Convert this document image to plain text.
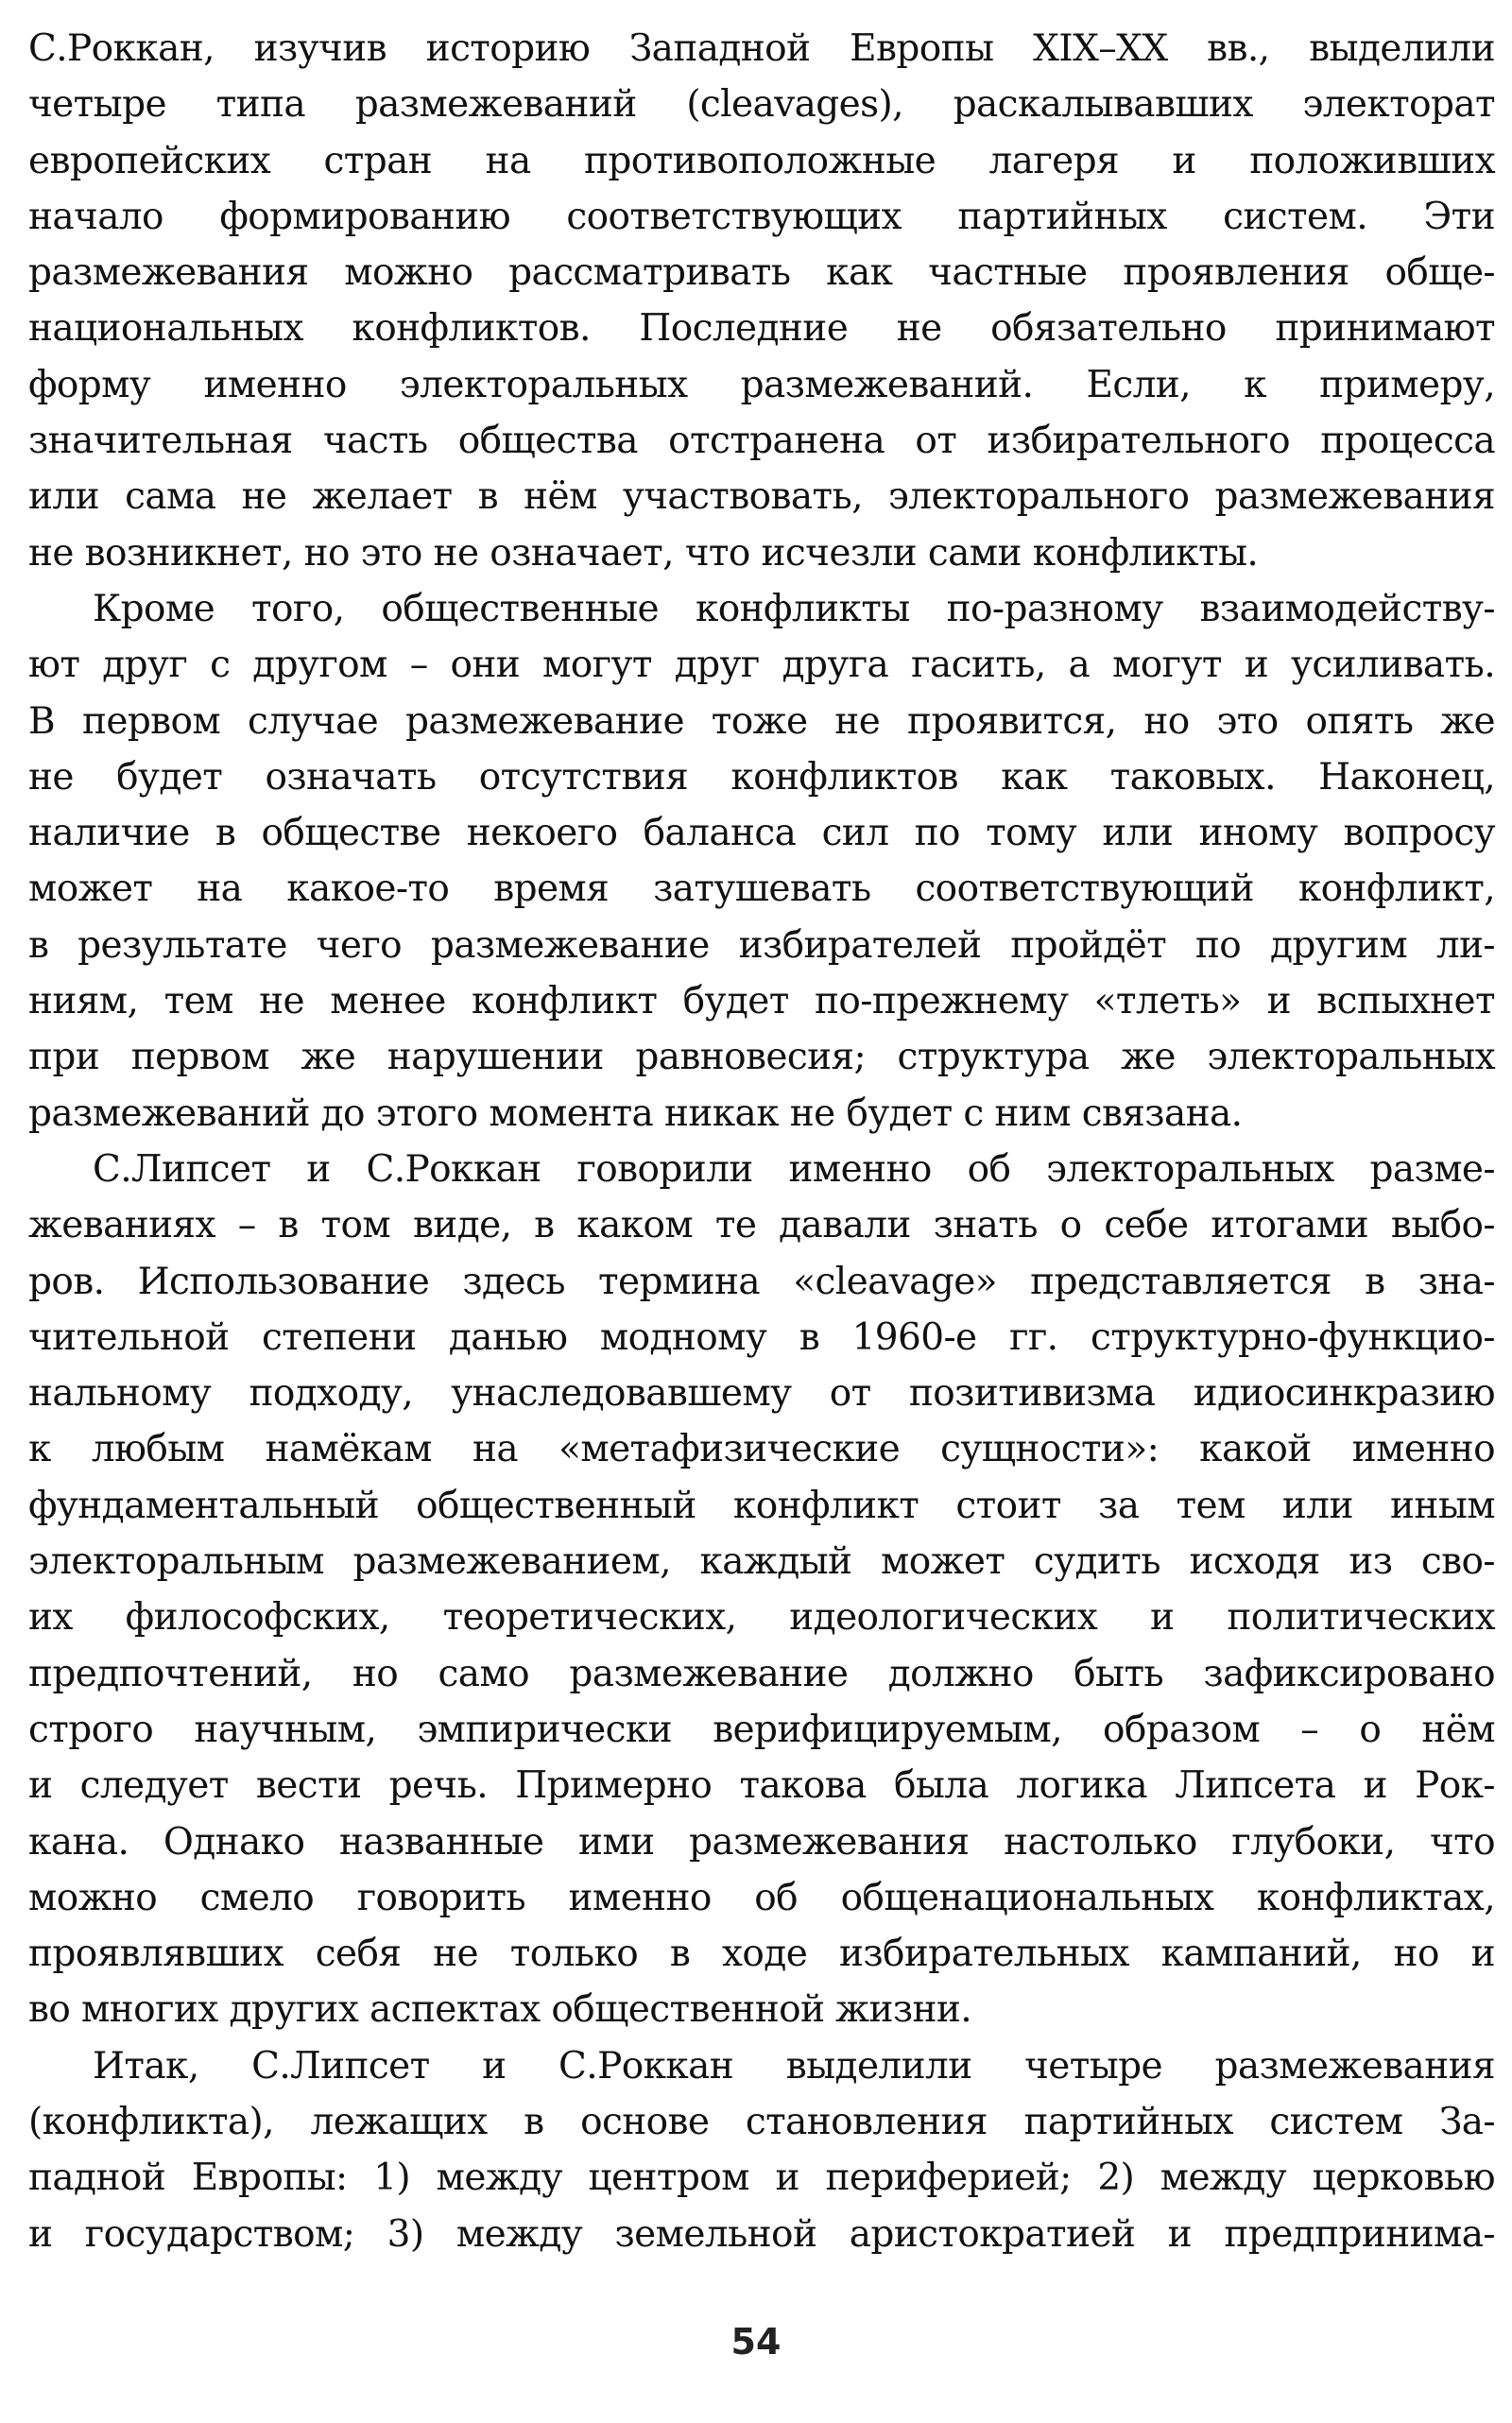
С.Роккан, изучив историю Западной Европы XIX–XX вв., выделили
четыре типа размежеваний (cleavages), раскалывавших электорат
европейских стран на противоположные лагеря и положивших
начало формированию соответствующих партийных систем. Эти
размежевания можно рассматривать как частные проявления обще-
национальных конфликтов. Последние не обязательно принимают
форму именно электоральных размежеваний. Если, к примеру,
значительная часть общества отстранена от избирательного процесса
или сама не желает в нём участвовать, электорального размежевания
не возникнет, но это не означает, что исчезли сами конфликты.
Кроме того, общественные конфликты по-разному взаимодейству-
ют друг с другом – они могут друг друга гасить, а могут и усиливать.
В первом случае размежевание тоже не проявится, но это опять же
не будет означать отсутствия конфликтов как таковых. Наконец,
наличие в обществе некоего баланса сил по тому или иному вопросу
может на какое-то время затушевать соответствующий конфликт,
в результате чего размежевание избирателей пройдёт по другим ли-
ниям, тем не менее конфликт будет по-прежнему «тлеть» и вспыхнет
при первом же нарушении равновесия; структура же электоральных
размежеваний до этого момента никак не будет с ним связана.
С.Липсет и С.Роккан говорили именно об электоральных разме-
жеваниях – в том виде, в каком те давали знать о себе итогами выбо-
ров. Использование здесь термина «cleavage» представляется в зна-
чительной степени данью модному в 1960-е гг. структурно-функцио-
нальному подходу, унаследовавшему от позитивизма идиосинкразию
к любым намёкам на «метафизические сущности»: какой именно
фундаментальный общественный конфликт стоит за тем или иным
электоральным размежеванием, каждый может судить исходя из сво-
их философских, теоретических, идеологических и политических
предпочтений, но само размежевание должно быть зафиксировано
строго научным, эмпирически верифицируемым, образом – о нём
и следует вести речь. Примерно такова была логика Липсета и Рок-
кана. Однако названные ими размежевания настолько глубоки, что
можно смело говорить именно об общенациональных конфликтах,
проявлявших себя не только в ходе избирательных кампаний, но и
во многих других аспектах общественной жизни.
Итак, С.Липсет и С.Роккан выделили четыре размежевания
(конфликта), лежащих в основе становления партийных систем За-
падной Европы: 1) между центром и периферией; 2) между церковью
и государством; 3) между земельной аристократией и предпринима-
54
